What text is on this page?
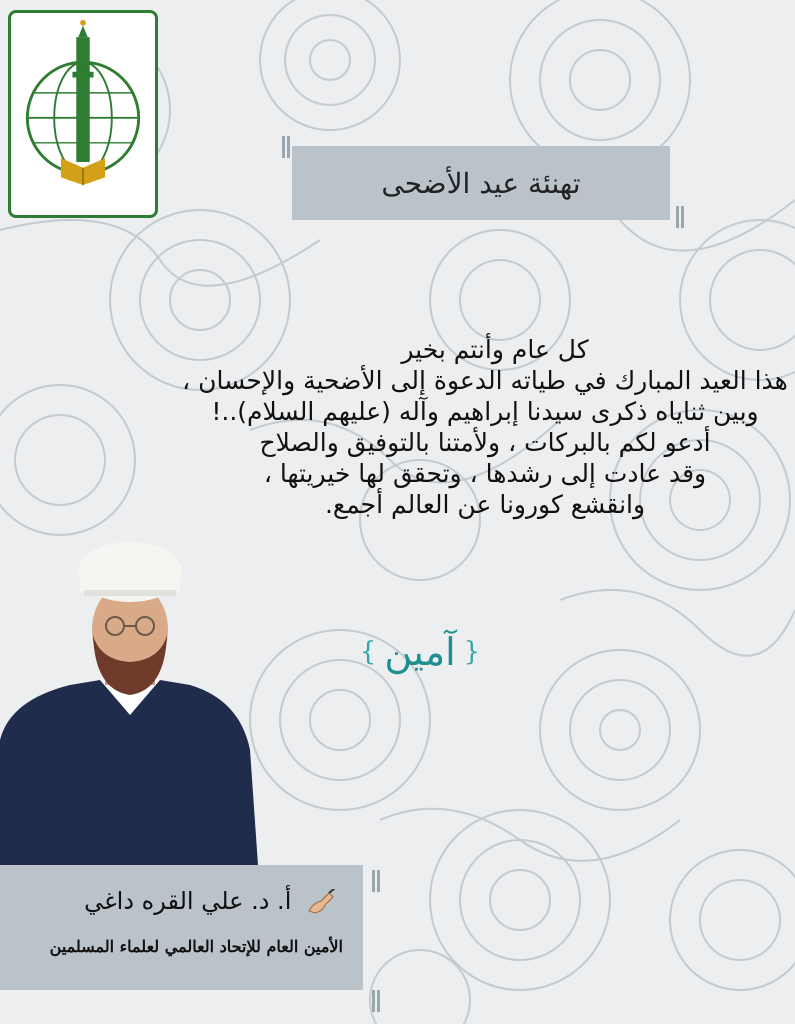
تهنئة عيد الأضحى
كل عام وأنتم بخير
هذا العيد المبارك في طياته الدعوة إلى الأضحية والإحسان ،
وبين ثناياه ذكرى سيدنا إبراهيم وآله (عليهم السلام)..!
أدعو لكم بالبركات ، ولأمتنا بالتوفيق والصلاح
وقد عادت إلى رشدها ، وتحقق لها خيريتها ،
وانقشع كورونا عن العالم أجمع.
{ آمين }
أ. د. علي القره داغي
الأمين العام للإتحاد العالمي لعلماء المسلمين
